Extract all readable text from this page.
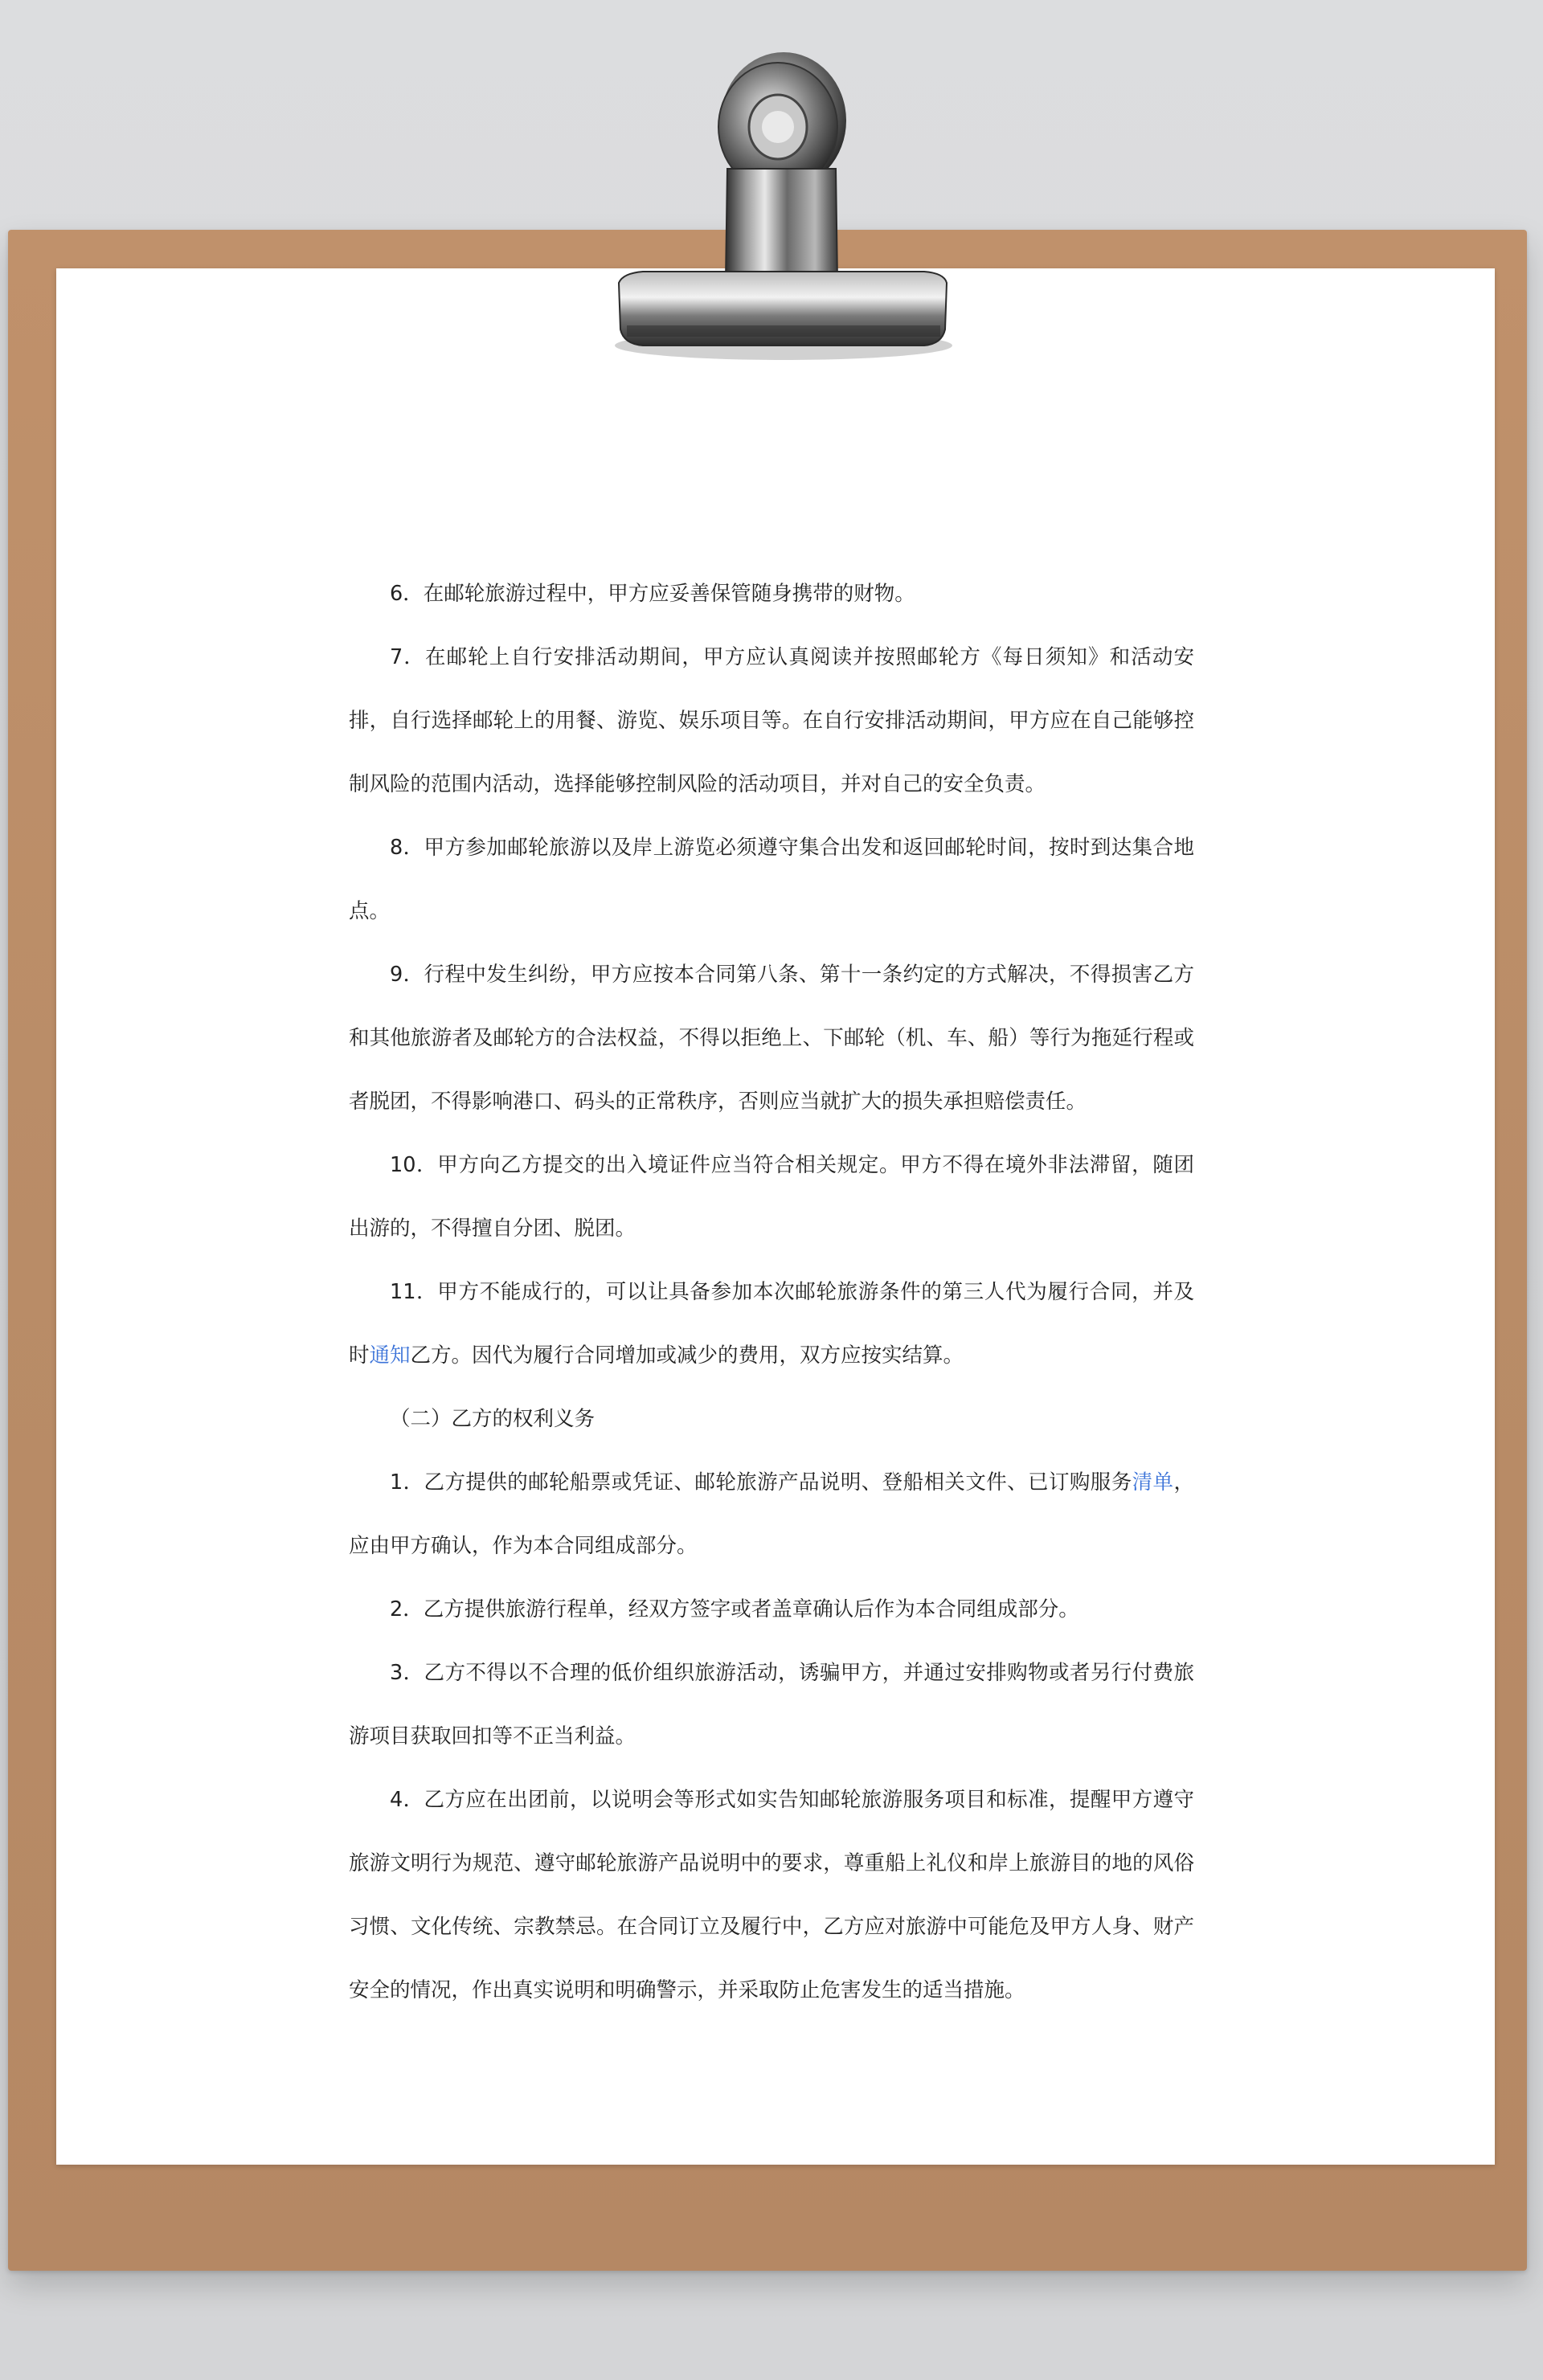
6．在邮轮旅游过程中，甲方应妥善保管随身携带的财物。

7．在邮轮上自行安排活动期间，甲方应认真阅读并按照邮轮方《每日须知》和活动安排，自行选择邮轮上的用餐、游览、娱乐项目等。在自行安排活动期间，甲方应在自己能够控制风险的范围内活动，选择能够控制风险的活动项目，并对自己的安全负责。

8．甲方参加邮轮旅游以及岸上游览必须遵守集合出发和返回邮轮时间，按时到达集合地点。

9．行程中发生纠纷，甲方应按本合同第八条、第十一条约定的方式解决，不得损害乙方和其他旅游者及邮轮方的合法权益，不得以拒绝上、下邮轮（机、车、船）等行为拖延行程或者脱团，不得影响港口、码头的正常秩序，否则应当就扩大的损失承担赔偿责任。

10．甲方向乙方提交的出入境证件应当符合相关规定。甲方不得在境外非法滞留，随团出游的，不得擅自分团、脱团。

11．甲方不能成行的，可以让具备参加本次邮轮旅游条件的第三人代为履行合同，并及时通知乙方。因代为履行合同增加或减少的费用，双方应按实结算。

（二）乙方的权利义务

1．乙方提供的邮轮船票或凭证、邮轮旅游产品说明、登船相关文件、已订购服务清单，应由甲方确认，作为本合同组成部分。

2．乙方提供旅游行程单，经双方签字或者盖章确认后作为本合同组成部分。

3．乙方不得以不合理的低价组织旅游活动，诱骗甲方，并通过安排购物或者另行付费旅游项目获取回扣等不正当利益。

4．乙方应在出团前，以说明会等形式如实告知邮轮旅游服务项目和标准，提醒甲方遵守旅游文明行为规范、遵守邮轮旅游产品说明中的要求，尊重船上礼仪和岸上旅游目的地的风俗习惯、文化传统、宗教禁忌。在合同订立及履行中，乙方应对旅游中可能危及甲方人身、财产安全的情况，作出真实说明和明确警示，并采取防止危害发生的适当措施。
